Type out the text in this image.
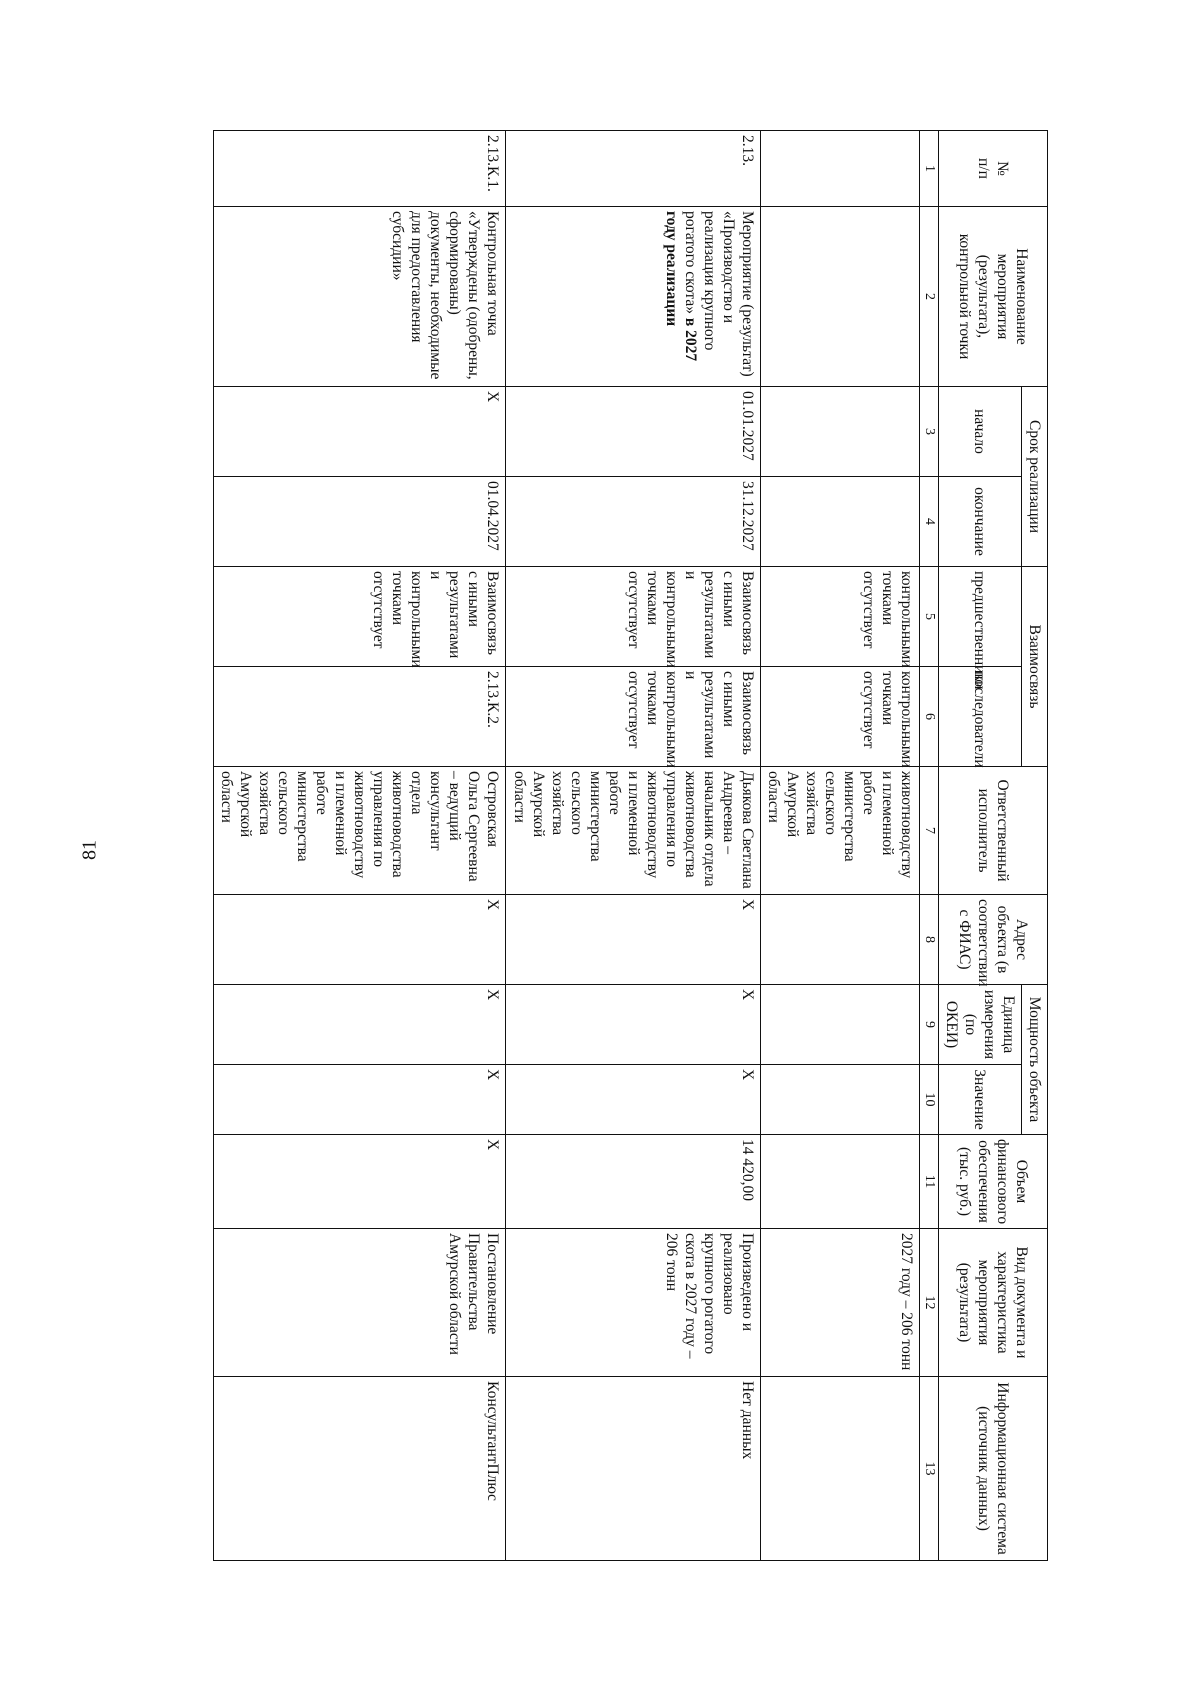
81
№
п/п	Наименование мероприятия (результата), контрольной точки	Срок реализации		Взаимосвязь		Ответственный исполнитель	Адрес объекта (в соответствии с ФИАС)	Мощность объекта		Объем финансового обеспечения (тыс. руб.)	Вид документа и характеристика мероприятия (результата)	Информационная система (источник данных)
		начало	окончание	предшественники	последователи			Единица измерения (по ОКЕИ)	Значение			
1	2	3	4	5	6	7	8	9	10	11	12	13
				контрольными точками отсутствует	контрольными точками отсутствует	животноводству и племенной работе министерства сельского хозяйства Амурской области					2027 году – 206 тонн	
2.13.	Мероприятие (результат) «Производство и реализация крупного рогатого скота» в 2027 году реализации	01.01.2027	31.12.2027	Взаимосвязь с иными результатами и контрольными точками отсутствует	Взаимосвязь с иными результатами и контрольными точками отсутствует	Дьякова Светлана Андреевна – начальник отдела животноводства управления по животноводству и племенной работе министерства сельского хозяйства Амурской области	Х	Х	Х	14 420,00	Произведено и реализовано крупного рогатого скота в 2027 году – 206 тонн	Нет данных
2.13.К.1.	Контрольная точка «Утверждены (одобрены, сформированы) документы, необходимые для предоставления субсидии»	Х	01.04.2027	Взаимосвязь с иными результатами и контрольными точками отсутствует	2.13.К.2.	Островская Ольга Сергеевна – ведущий консультант отдела животноводства управления по животноводству и племенной работе министерства сельского хозяйства Амурской области	Х	Х	Х	Х	Постановление Правительства Амурской области	КонсультантПлюс
